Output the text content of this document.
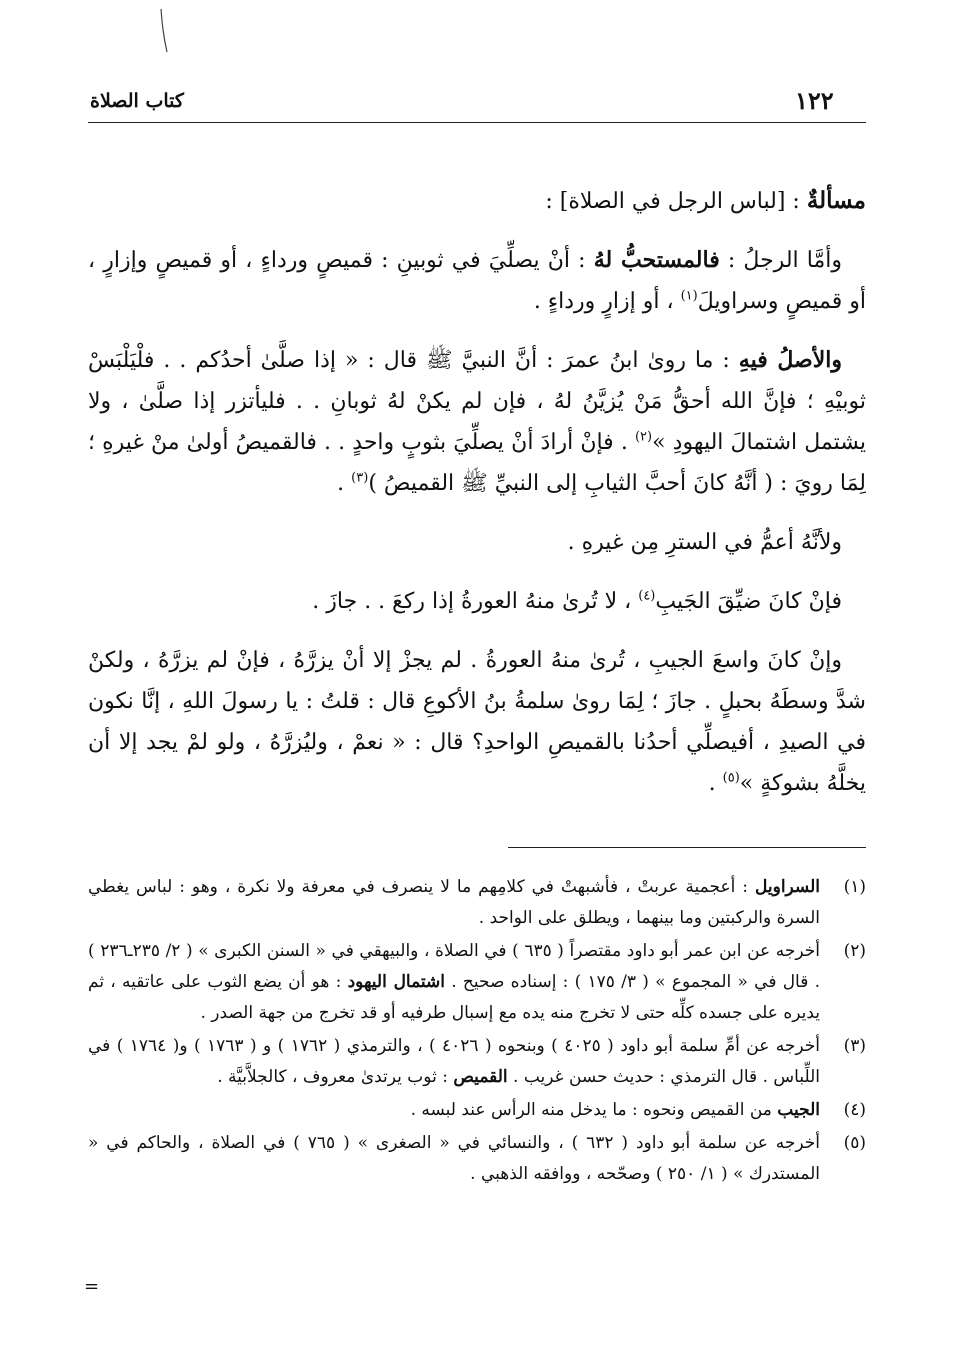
١٢٢
كتاب الصلاة

مسألةٌ : [لباس الرجل في الصلاة] :

وأمَّا الرجلُ : فالمستحبُّ لهُ : أنْ يصلِّيَ في ثوبينِ : قميصٍ ورداءٍ ، أو قميصٍ وإزارٍ ، أو قميصٍ وسراويلَ$^{(١)}$ ، أو إزارٍ ورداءٍ .

والأصلُ فيهِ : ما رویٰ ابنُ عمرَ : أنَّ النبيَّ ﷺ قال : « إذا صلَّىٰ أحدُكم . . فلْيَلْبَسْ ثوبيْهِ ؛ فإنَّ الله أحقُّ مَنْ يُزيَّنُ لهُ ، فإن لم يكنْ لهُ ثوبانِ . . فليأتزر إذا صلَّىٰ ، ولا يشتمل اشتمالَ اليهودِ »$^{(٢)}$ . فإنْ أرادَ أنْ يصلِّيَ بثوبٍ واحدٍ . . فالقميصُ أولىٰ منْ غيرهِ ؛ لِمَا رويَ : ( أنَّهُ كانَ أحبَّ الثيابِ إلى النبيِّ ﷺ القميصُ )$^{(٣)}$ .

ولأنَّهُ أعمُّ في السترِ مِن غيرهِ .

فإنْ كانَ ضيِّقَ الجَيبِ$^{(٤)}$ ، لا تُرىٰ منهُ العورةُ إذا ركعَ . . جازَ .

وإنْ كانَ واسعَ الجيبِ ، تُرىٰ منهُ العورةُ . لم يجزْ إلا أنْ يزرَّهُ ، فإنْ لم يزرَّهُ ، ولكنْ شدَّ وسطَهُ بحبلٍ . جازَ ؛ لِمَا رویٰ سلمةُ بنُ الأكوعِ قال : قلتُ : يا رسولَ اللهِ ، إنَّا نكون في الصيدِ ، أفيصلِّي أحدُنا بالقميصِ الواحدِ؟ قال : « نعمْ ، وليُزرَّهُ ، ولو لمْ يجد إلا أن يخلَّهُ بشوكةٍ »$^{(٥)}$ .

(١)
السراويل : أعجمية عربتْ ، فأشبهتْ في كلامِهم ما لا ينصرف في معرفة ولا نكرة ، وهو : لباس يغطي السرة والركبتين وما بينهما ، ويطلق على الواحد .
(٢)
أخرجه عن ابن عمر أبو داود مقتصراً ( ٦٣٥ ) في الصلاة ، والبيهقي في « السنن الكبرى » ( ٢/ ٢٣٥ـ٢٣٦ ) . قال في « المجموع » ( ٣/ ١٧٥ ) : إسناده صحيح . اشتمال اليهود : هو أن يضع الثوب على عاتقيه ، ثم يديره على جسده كلِّه حتى لا تخرج منه يده مع إسبال طرفيه أو قد تخرج من جهة الصدر .
(٣)
أخرجه عن أمِّ سلمة أبو داود ( ٤٠٢٥ ) وبنحوه ( ٤٠٢٦ ) ، والترمذي ( ١٧٦٢ ) و ( ١٧٦٣ ) و( ١٧٦٤ ) في اللِّباس . قال الترمذي : حديث حسن غريب . القميص : ثوب يرتدىٰ معروف ، كالجلاَّبيَّة .
(٤)
الجيب من القميص ونحوه : ما يدخل منه الرأس عند لبسه .
(٥)
أخرجه عن سلمة أبو داود ( ٦٣٢ ) ، والنسائي في « الصغرى » ( ٧٦٥ ) في الصلاة ، والحاكم في « المستدرك » ( ١/ ٢٥٠ ) وصحّحه ، ووافقه الذهبي .
=
